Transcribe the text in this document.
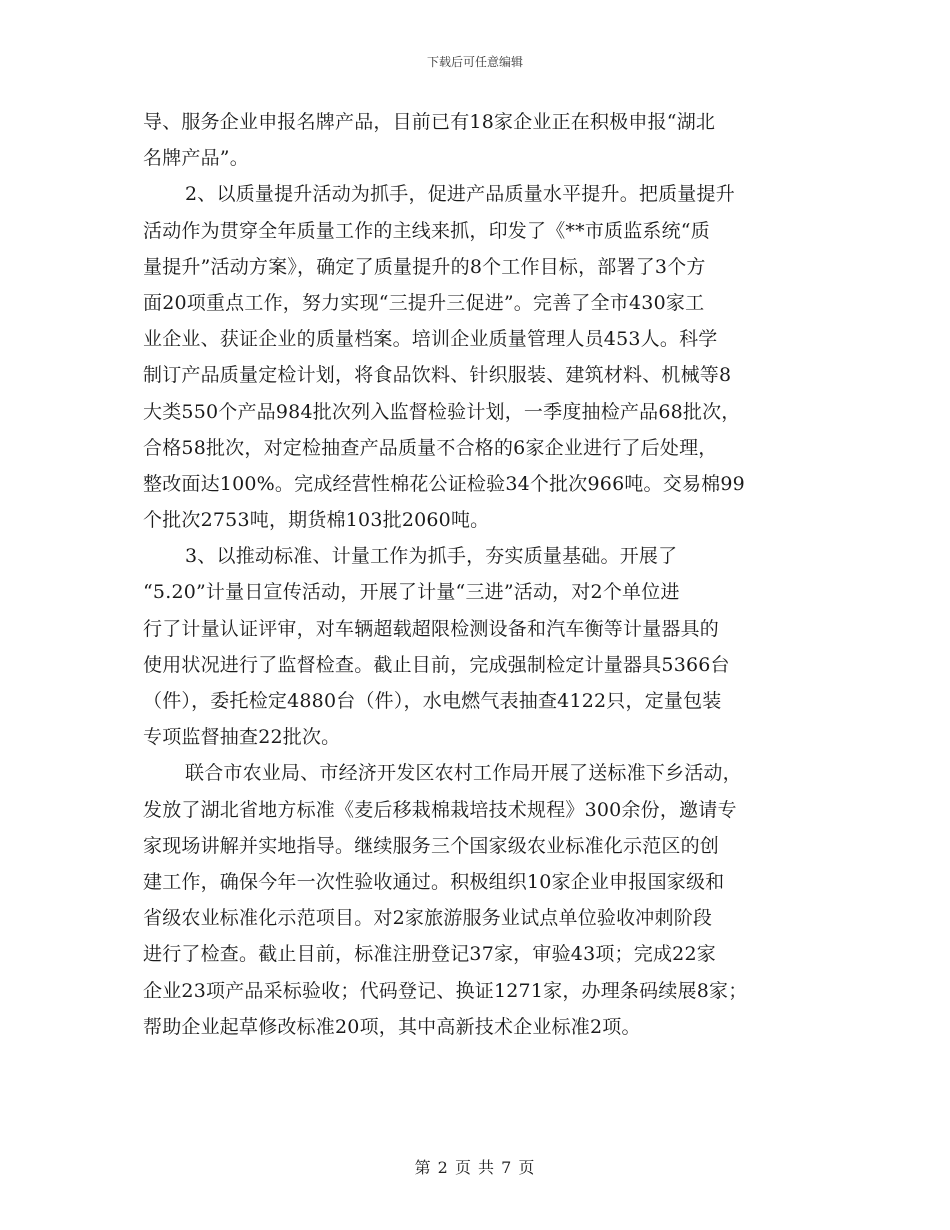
下载后可任意编辑
导、服务企业申报名牌产品，目前已有18家企业正在积极申报“湖北
名牌产品”。
2、以质量提升活动为抓手，促进产品质量水平提升。把质量提升
活动作为贯穿全年质量工作的主线来抓，印发了《**市质监系统“质
量提升”活动方案》，确定了质量提升的8个工作目标，部署了3个方
面20项重点工作，努力实现“三提升三促进”。完善了全市430家工
业企业、获证企业的质量档案。培训企业质量管理人员453人。科学
制订产品质量定检计划，将食品饮料、针织服装、建筑材料、机械等8
大类550个产品984批次列入监督检验计划，一季度抽检产品68批次，
合格58批次，对定检抽查产品质量不合格的6家企业进行了后处理，
整改面达100%。完成经营性棉花公证检验34个批次966吨。交易棉99
个批次2753吨，期货棉103批2060吨。
3、以推动标准、计量工作为抓手，夯实质量基础。开展了
“5.20”计量日宣传活动，开展了计量“三进”活动，对2个单位进
行了计量认证评审，对车辆超载超限检测设备和汽车衡等计量器具的
使用状况进行了监督检查。截止目前，完成强制检定计量器具5366台
（件），委托检定4880台（件），水电燃气表抽查4122只，定量包装
专项监督抽查22批次。
联合市农业局、市经济开发区农村工作局开展了送标准下乡活动，
发放了湖北省地方标准《麦后移栽棉栽培技术规程》300余份，邀请专
家现场讲解并实地指导。继续服务三个国家级农业标准化示范区的创
建工作，确保今年一次性验收通过。积极组织10家企业申报国家级和
省级农业标准化示范项目。对2家旅游服务业试点单位验收冲刺阶段
进行了检查。截止目前，标准注册登记37家，审验43项；完成22家
企业23项产品采标验收；代码登记、换证1271家，办理条码续展8家；
帮助企业起草修改标准20项，其中高新技术企业标准2项。
第 2 页 共 7 页
